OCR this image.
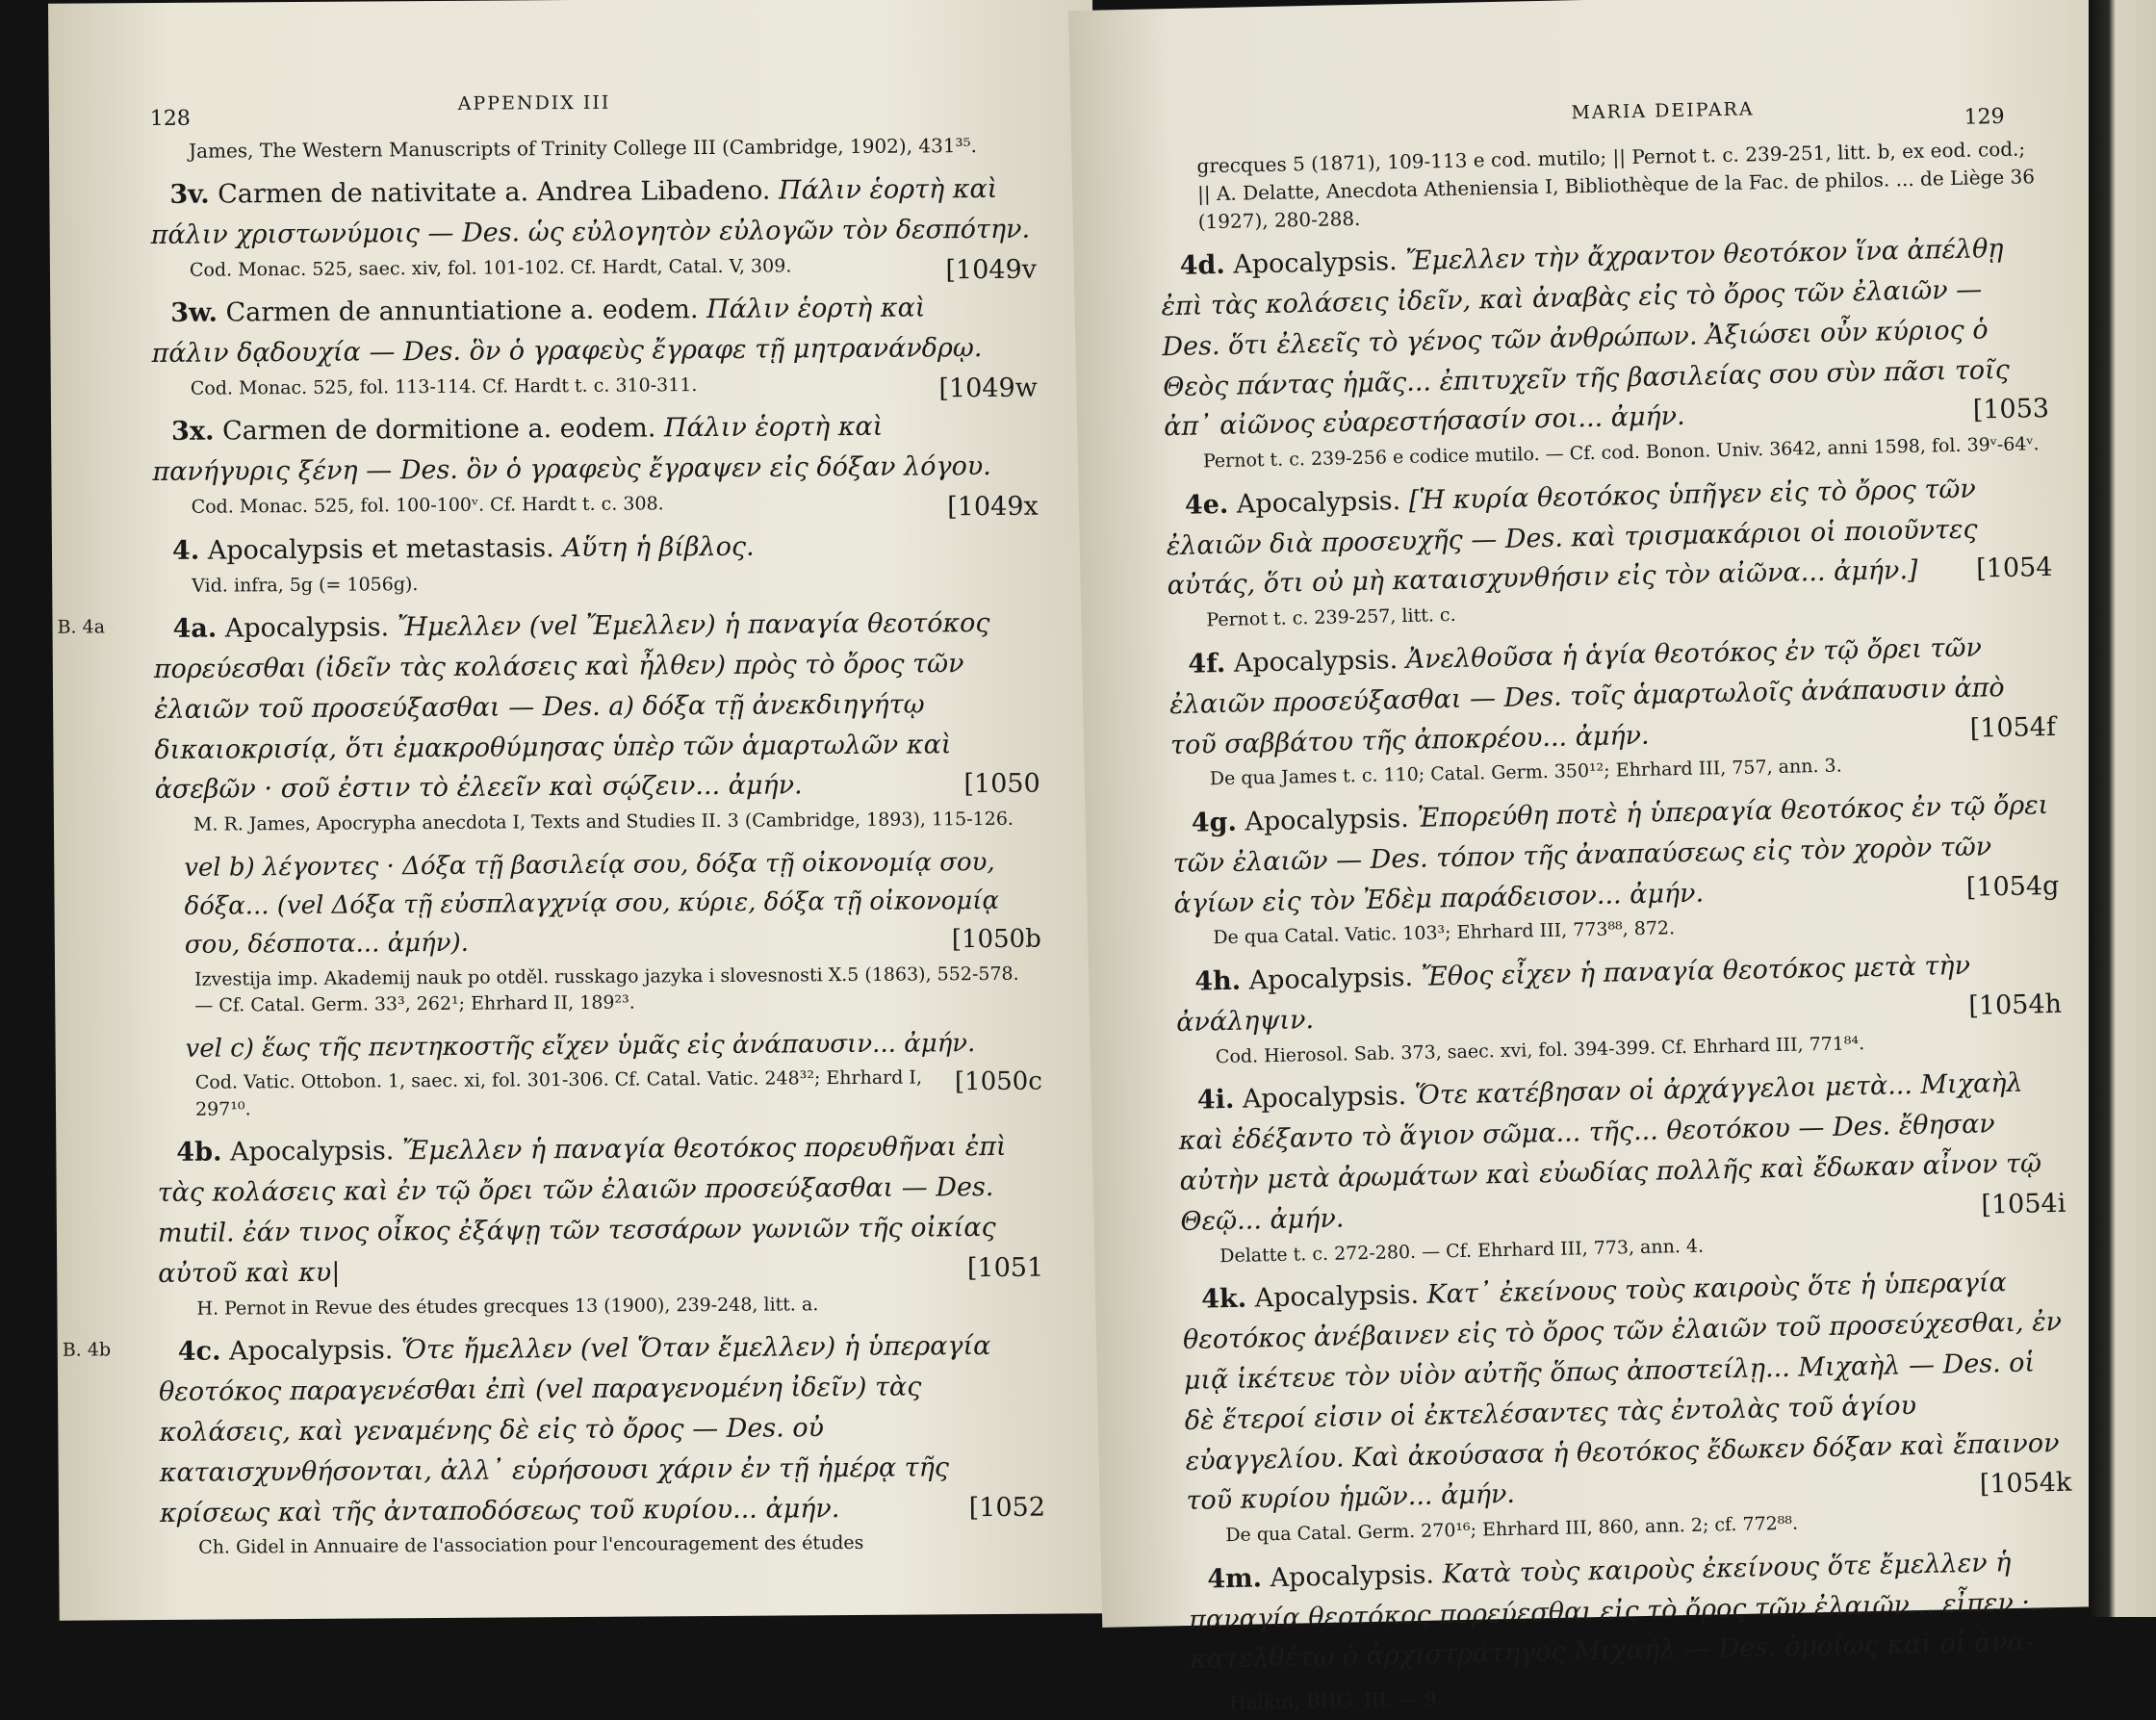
128
APPENDIX III
James, The Western Manuscripts of Trinity College III (Cambridge, 1902), 431³⁵.
3v. Carmen de nativitate a. Andrea Libadeno. Πάλιν ἑορτὴ καὶ πάλιν χριστωνύμοις — Des. ὡς εὐλογητὸν εὐλογῶν τὸν δεσπότην.
[1049v
Cod. Monac. 525, saec. xiv, fol. 101-102. Cf. Hardt, Catal. V, 309.
3w. Carmen de annuntiatione a. eodem. Πάλιν ἑορτὴ καὶ πάλιν δᾳδουχία — Des. ὃν ὁ γραφεὺς ἔγραφε τῇ μητρανάνδρῳ.
[1049w
Cod. Monac. 525, fol. 113-114. Cf. Hardt t. c. 310-311.
3x. Carmen de dormitione a. eodem. Πάλιν ἑορτὴ καὶ πανήγυρις ξένη — Des. ὃν ὁ γραφεὺς ἔγραψεν εἰς δόξαν λόγου.
[1049x
Cod. Monac. 525, fol. 100-100ᵛ. Cf. Hardt t. c. 308.
4. Apocalypsis et metastasis. Αὕτη ἡ βίβλος.
Vid. infra, 5g (= 1056g).
B. 4a	4a. Apocalypsis. Ἤμελλεν (vel Ἔμελλεν) ἡ παναγία θεοτόκος πορεύεσθαι (ἰδεῖν τὰς κολάσεις καὶ ἦλθεν) πρὸς τὸ ὄρος τῶν ἐλαιῶν τοῦ προσεύξασθαι — Des. a) δόξα τῇ ἀνεκδιηγήτῳ δικαιοκρισίᾳ, ὅτι ἐμακροθύμησας ὑπὲρ τῶν ἁμαρτωλῶν καὶ ἀσεβῶν · σοῦ ἐστιν τὸ ἐλεεῖν καὶ σῴζειν... ἀμήν.	[1050
M. R. James, Apocrypha anecdota I, Texts and Studies II. 3 (Cambridge, 1893), 115-126.
vel b) λέγοντες · Δόξα τῇ βασιλείᾳ σου, δόξα τῇ οἰκονομίᾳ σου, δόξα... (vel Δόξα τῇ εὐσπλαγχνίᾳ σου, κύριε, δόξα τῇ οἰκονομίᾳ σου, δέσποτα... ἀμήν).	[1050b
Izvestija imp. Akademij nauk po otděl. russkago jazyka i slovesnosti X.5 (1863), 552-578. — Cf. Catal. Germ. 33³, 262¹; Ehrhard II, 189²³.
vel c) ἕως τῆς πεντηκοστῆς εἴχεν ὑμᾶς εἰς ἀνάπαυσιν... ἀμήν.
[1050c
Cod. Vatic. Ottobon. 1, saec. xi, fol. 301-306. Cf. Catal. Vatic. 248³²; Ehrhard I, 297¹⁰.
4b. Apocalypsis. Ἔμελλεν ἡ παναγία θεοτόκος πορευθῆναι ἐπὶ τὰς κολάσεις καὶ ἐν τῷ ὄρει τῶν ἐλαιῶν προσεύξασθαι — Des. mutil. ἐάν τινος οἶκος ἐξάψῃ τῶν τεσσάρων γωνιῶν τῆς οἰκίας αὐτοῦ καὶ κυ|	[1051
H. Pernot in Revue des études grecques 13 (1900), 239-248, litt. a.
B. 4b	4c. Apocalypsis. Ὅτε ἤμελλεν (vel Ὅταν ἔμελλεν) ἡ ὑπεραγία θεοτόκος παραγενέσθαι ἐπὶ (vel παραγενομένη ἰδεῖν) τὰς κολάσεις, καὶ γεναμένης δὲ εἰς τὸ ὄρος — Des. οὐ καταισχυνθήσονται, ἀλλ᾽ εὑρήσουσι χάριν ἐν τῇ ἡμέρᾳ τῆς κρίσεως καὶ τῆς ἀνταποδόσεως τοῦ κυρίου... ἀμήν.	[1052
Ch. Gidel in Annuaire de l'association pour l'encouragement des études
MARIA DEIPARA	129
grecques 5 (1871), 109-113 e cod. mutilo; || Pernot t. c. 239-251, litt. b, ex eod. cod.; || A. Delatte, Anecdota Atheniensia I, Bibliothèque de la Fac. de philos. ... de Liège 36 (1927), 280-288.
4d. Apocalypsis. Ἔμελλεν τὴν ἄχραντον θεοτόκον ἵνα ἀπέλθῃ ἐπὶ τὰς κολάσεις ἰδεῖν, καὶ ἀναβὰς εἰς τὸ ὄρος τῶν ἐλαιῶν — Des. ὅτι ἐλεεῖς τὸ γένος τῶν ἀνθρώπων. Ἀξιώσει οὖν κύριος ὁ Θεὸς πάντας ἡμᾶς... ἐπιτυχεῖν τῆς βασιλείας σου σὺν πᾶσι τοῖς ἀπ᾽ αἰῶνος εὐαρεστήσασίν σοι... ἀμήν.	[1053
Pernot t. c. 239-256 e codice mutilo. — Cf. cod. Bonon. Univ. 3642, anni 1598, fol. 39ᵛ-64ᵛ.
4e. Apocalypsis. [Ἡ κυρία θεοτόκος ὑπῆγεν εἰς τὸ ὄρος τῶν ἐλαιῶν διὰ προσευχῆς — Des. καὶ τρισμακάριοι οἱ ποιοῦντες αὐτάς, ὅτι οὐ μὴ καταισχυνθήσιν εἰς τὸν αἰῶνα... ἀμήν.] [1054
Pernot t. c. 239-257, litt. c.
4f. Apocalypsis. Ἀνελθοῦσα ἡ ἁγία θεοτόκος ἐν τῷ ὄρει τῶν ἐλαιῶν προσεύξασθαι — Des. τοῖς ἁμαρτωλοῖς ἀνάπαυσιν ἀπὸ τοῦ σαββάτου τῆς ἀποκρέου... ἀμήν.	[1054f
De qua James t. c. 110; Catal. Germ. 350¹²; Ehrhard III, 757, ann. 3.
4g. Apocalypsis. Ἐπορεύθη ποτὲ ἡ ὑπεραγία θεοτόκος ἐν τῷ ὄρει τῶν ἐλαιῶν — Des. τόπον τῆς ἀναπαύσεως εἰς τὸν χορὸν τῶν ἁγίων εἰς τὸν Ἐδὲμ παράδεισον... ἀμήν.	[1054g
De qua Catal. Vatic. 103³; Ehrhard III, 773⁸⁸, 872.
4h. Apocalypsis. Ἔθος εἶχεν ἡ παναγία θεοτόκος μετὰ τὴν ἀνάληψιν.	[1054h
Cod. Hierosol. Sab. 373, saec. xvi, fol. 394-399. Cf. Ehrhard III, 771⁸⁴.
4i. Apocalypsis. Ὅτε κατέβησαν οἱ ἀρχάγγελοι μετὰ... Μιχαὴλ καὶ ἐδέξαντο τὸ ἅγιον σῶμα... τῆς... θεοτόκου — Des. ἔθησαν αὐτὴν μετὰ ἀρωμάτων καὶ εὐωδίας πολλῆς καὶ ἔδωκαν αἶνον τῷ Θεῷ... ἀμήν.	[1054i
Delatte t. c. 272-280. — Cf. Ehrhard III, 773, ann. 4.
4k. Apocalypsis. Κατ᾽ ἐκείνους τοὺς καιροὺς ὅτε ἡ ὑπεραγία θεοτόκος ἀνέβαινεν εἰς τὸ ὄρος τῶν ἐλαιῶν τοῦ προσεύχεσθαι, ἐν μιᾷ ἱκέτευε τὸν υἱὸν αὐτῆς ὅπως ἀποστείλῃ... Μιχαὴλ — Des. οἱ δὲ ἕτεροί εἰσιν οἱ ἐκτελέσαντες τὰς ἐντολὰς τοῦ ἁγίου εὐαγγελίου. Καὶ ἀκούσασα ἡ θεοτόκος ἔδωκεν δόξαν καὶ ἔπαινον τοῦ κυρίου ἡμῶν... ἀμήν.	[1054k
De qua Catal. Germ. 270¹⁶; Ehrhard III, 860, ann. 2; cf. 772⁸⁸.
4m. Apocalypsis. Κατὰ τοὺς καιροὺς ἐκείνους ὅτε ἔμελλεν ἡ παναγία θεοτόκος πορεύεσθαι εἰς τὸ ὄρος τῶν ἐλαιῶν... εἶπεν ·... κατελθέτω ὁ ἀρχιστράτηγος Μιχαήλ — Des. ὁμοίως καὶ οἱ ἀνα-
Halkin, BHG. III. — 9.
